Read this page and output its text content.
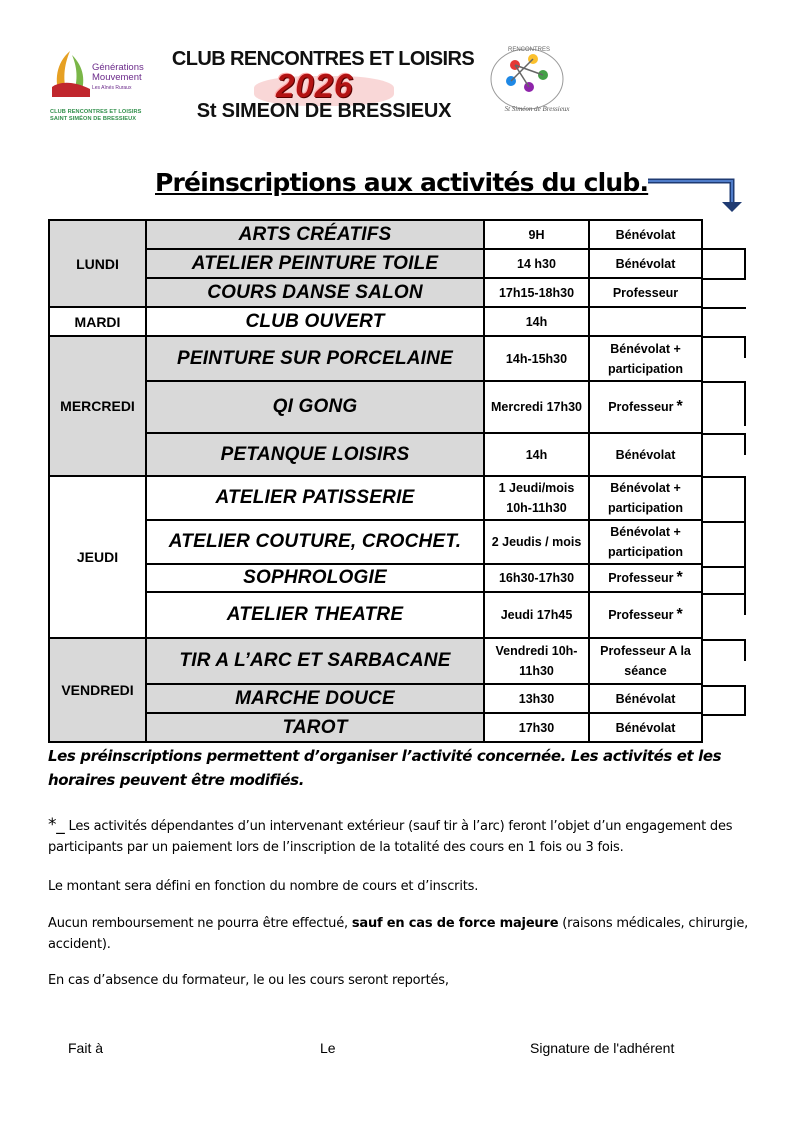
Générations
Mouvement
Les Aînés Ruraux
CLUB RENCONTRES ET LOISIRS
SAINT SIMÉON DE BRESSIEUX
CLUB RENCONTRES ET LOISIRS
2026
St SIMEON DE BRESSIEUX	St Siméon de Bressieux
RENCONTRES
Préinscriptions aux activités du club.
LUNDI	ARTS CRÉATIFS	9H	Bénévolat
	ATELIER PEINTURE TOILE	14 h30	Bénévolat
	COURS DANSE SALON	17h15-18h30	Professeur
MARDI	CLUB OUVERT	14h	
MERCREDI	PEINTURE SUR PORCELAINE	14h-15h30	Bénévolat + participation
	QI GONG	Mercredi 17h30	Professeur *
	PETANQUE LOISIRS	14h	Bénévolat
JEUDI	ATELIER PATISSERIE	1 Jeudi/mois 10h-11h30	Bénévolat + participation
	ATELIER COUTURE, CROCHET.	2 Jeudis / mois	Bénévolat + participation
	SOPHROLOGIE	16h30-17h30	Professeur *
	ATELIER THEATRE	Jeudi 17h45	Professeur *
VENDREDI	TIR A L’ARC ET SARBACANE	Vendredi 10h-11h30	Professeur A la séance
	MARCHE DOUCE	13h30	Bénévolat
	TAROT	17h30	Bénévolat
Les préinscriptions permettent d’organiser l’activité concernée. Les activités et les horaires peuvent être modifiés.
*_ Les activités dépendantes d’un intervenant extérieur (sauf tir à l’arc) feront l’objet d’un engagement des participants par un paiement lors de l’inscription de la totalité des cours en 1 fois ou 3 fois.
Le montant sera défini en fonction du nombre de cours et d’inscrits.
Aucun remboursement ne pourra être effectué, sauf en cas de force majeure (raisons médicales, chirurgie, accident).
En cas d’absence du formateur, le ou les cours seront reportés,
Fait à	Le	Signature de l'adhérent
